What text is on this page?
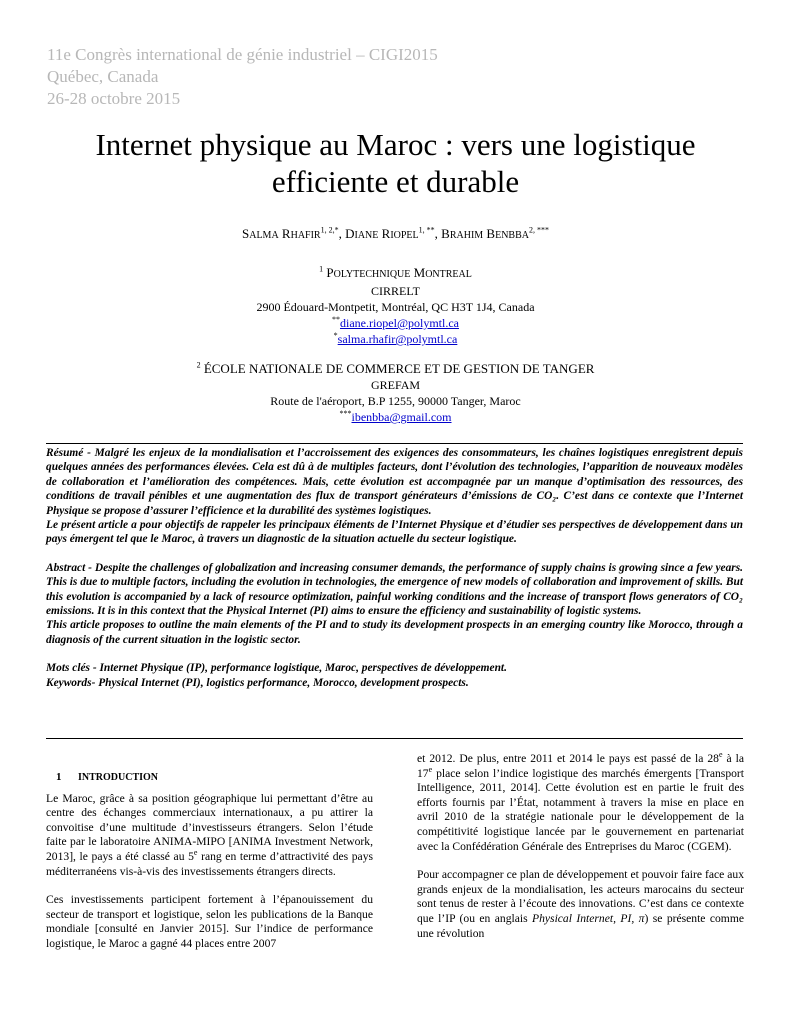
11e Congrès international de génie industriel – CIGI2015
Québec, Canada
26-28 octobre 2015
Internet physique au Maroc : vers une logistique
efficiente et durable
SALMA $RHAFIR^{1, 2,*}$, DIANE $RIOPEL^{1, **}$, BRAHIM $BENBBA^{2, ***}$
$^1$ POLYTECHNIQUE MONTREAL
CIRRELT
2900 Édouard-Montpetit, Montréal, QC H3T 1J4, Canada
**diane.riopel@polymtl.ca
*salma.rhafir@polymtl.ca
$^2$ ÉCOLE NATIONALE DE COMMERCE ET DE GESTION DE TANGER
GREFAM
Route de l'aéroport, B.P 1255, 90000 Tanger, Maroc
***ibenbba@gmail.com

Résumé - Malgré les enjeux de la mondialisation et l’accroissement des exigences des consommateurs, les chaînes logistiques enregistrent depuis quelques années des performances élevées. Cela est dû à de multiples facteurs, dont l’évolution des technologies, l’apparition de nouveaux modèles de collaboration et l’amélioration des compétences. Mais, cette évolution est accompagnée par un manque d’optimisation des ressources, des conditions de travail pénibles et une augmentation des flux de transport générateurs d’émissions de CO₂. C’est dans ce contexte que l’Internet Physique se propose d’assurer l’efficience et la durabilité des systèmes logistiques.

Le présent article a pour objectifs de rappeler les principaux éléments de l’Internet Physique et d’étudier ses perspectives de développement dans un pays émergent tel que le Maroc, à travers un diagnostic de la situation actuelle du secteur logistique.

Abstract - Despite the challenges of globalization and increasing consumer demands, the performance of supply chains is growing since a few years. This is due to multiple factors, including the evolution in technologies, the emergence of new models of collaboration and improvement of skills. But this evolution is accompanied by a lack of resource optimization, painful working conditions and the increase of transport flows generators of CO₂ emissions. It is in this context that the Physical Internet (PI) aims to ensure the efficiency and sustainability of logistic systems.

This article proposes to outline the main elements of the PI and to study its development prospects in an emerging country like Morocco, through a diagnosis of the current situation in the logistic sector.

Mots clés - Internet Physique (IP), performance logistique, Maroc, perspectives de développement.

Keywords- Physical Internet (PI), logistics performance, Morocco, development prospects.

1 INTRODUCTION

Le Maroc, grâce à sa position géographique lui permettant d’être au centre des échanges commerciaux internationaux, a pu attirer la convoitise d’une multitude d’investisseurs étrangers. Selon l’étude faite par le laboratoire ANIMA-MIPO [ANIMA Investment Network, 2013], le pays a été classé au 5e rang en terme d’attractivité des pays méditerranéens vis-à-vis des investissements étrangers directs.

Ces investissements participent fortement à l’épanouissement du secteur de transport et logistique, selon les publications de la Banque mondiale [consulté en Janvier 2015]. Sur l’indice de performance logistique, le Maroc a gagné 44 places entre 2007

et 2012. De plus, entre 2011 et 2014 le pays est passé de la 28e à la 17e place selon l’indice logistique des marchés émergents [Transport Intelligence, 2011, 2014]. Cette évolution est en partie le fruit des efforts fournis par l’État, notamment à travers la mise en place en avril 2010 de la stratégie nationale pour le développement de la compétitivité logistique lancée par le gouvernement en partenariat avec la Confédération Générale des Entreprises du Maroc (CGEM).

Pour accompagner ce plan de développement et pouvoir faire face aux grands enjeux de la mondialisation, les acteurs marocains du secteur sont tenus de rester à l’écoute des innovations. C’est dans ce contexte que l’IP (ou en anglais Physical Internet, PI, π) se présente comme une révolution
